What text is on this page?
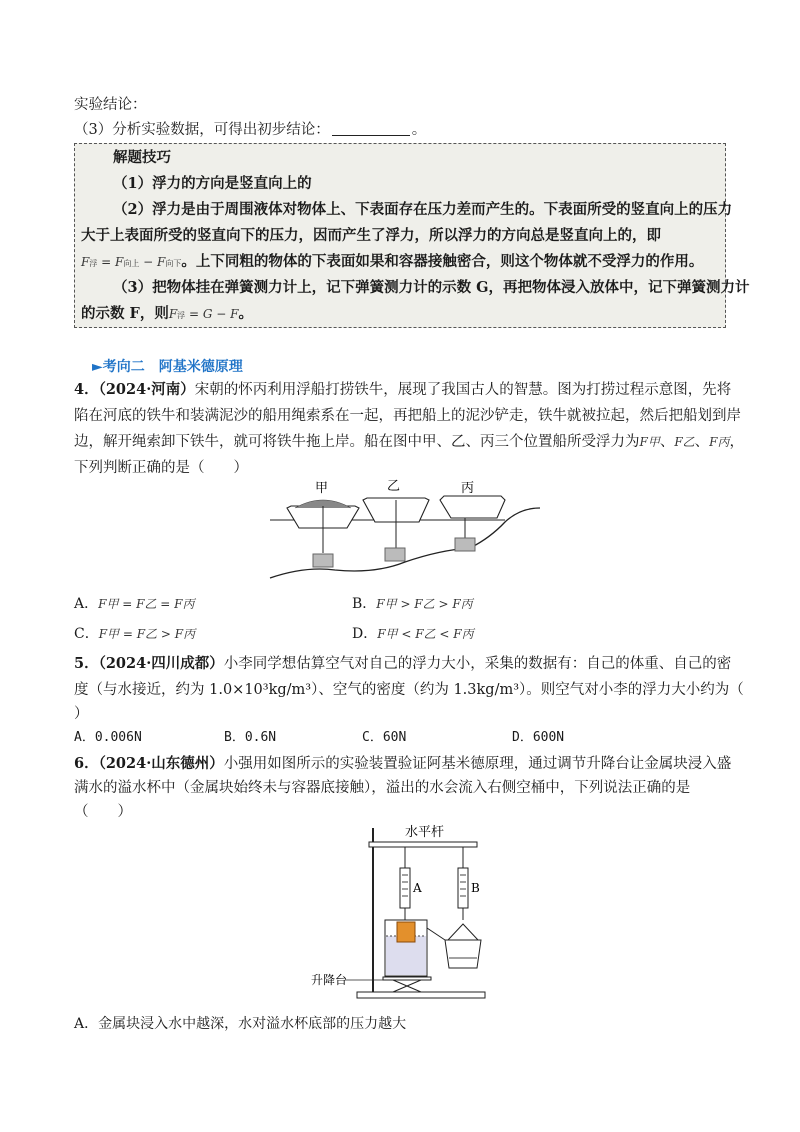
实验结论：
（3）分析实验数据，可得出初步结论：	。
解题技巧
（1）浮力的方向是竖直向上的
（2）浮力是由于周围液体对物体上、下表面存在压力差而产生的。下表面所受的竖直向上的压力
大于上表面所受的竖直向下的压力，因而产生了浮力，所以浮力的方向总是竖直向上的，即
F浮 = F向上 − F向下。上下同粗的物体的下表面如果和容器接触密合，则这个物体就不受浮力的作用。
（3）把物体挂在弹簧测力计上，记下弹簧测力计的示数 G，再把物体浸入放体中，记下弹簧测力计
的示数 F，则F浮 = G − F。
►考向二　阿基米德原理
4．（2024·河南）宋朝的怀丙利用浮船打捞铁牛，展现了我国古人的智慧。图为打捞过程示意图，先将
陷在河底的铁牛和装满泥沙的船用绳索系在一起，再把船上的泥沙铲走，铁牛就被拉起，然后把船划到岸
边，解开绳索卸下铁牛，就可将铁牛拖上岸。船在图中甲、乙、丙三个位置船所受浮力为F甲、F乙、F丙，
下列判断正确的是（　　）
甲	乙	丙
A．F甲 = F乙 = F丙	B．F甲 > F乙 > F丙
C．F甲 = F乙 > F丙	D．F甲 < F乙 < F丙
5．（2024·四川成都）小李同学想估算空气对自己的浮力大小，采集的数据有：自己的体重、自己的密
度（与水接近，约为 1.0×10³kg/m³）、空气的密度（约为 1.3kg/m³）。则空气对小李的浮力大小约为（
）
A．0.006N	B．0.6N	C．60N	D．600N
6．（2024·山东德州）小强用如图所示的实验装置验证阿基米德原理，通过调节升降台让金属块浸入盛
满水的溢水杯中（金属块始终未与容器底接触），溢出的水会流入右侧空桶中，下列说法正确的是
（　　）
水平杆
A	B
升降台
A．金属块浸入水中越深，水对溢水杯底部的压力越大
